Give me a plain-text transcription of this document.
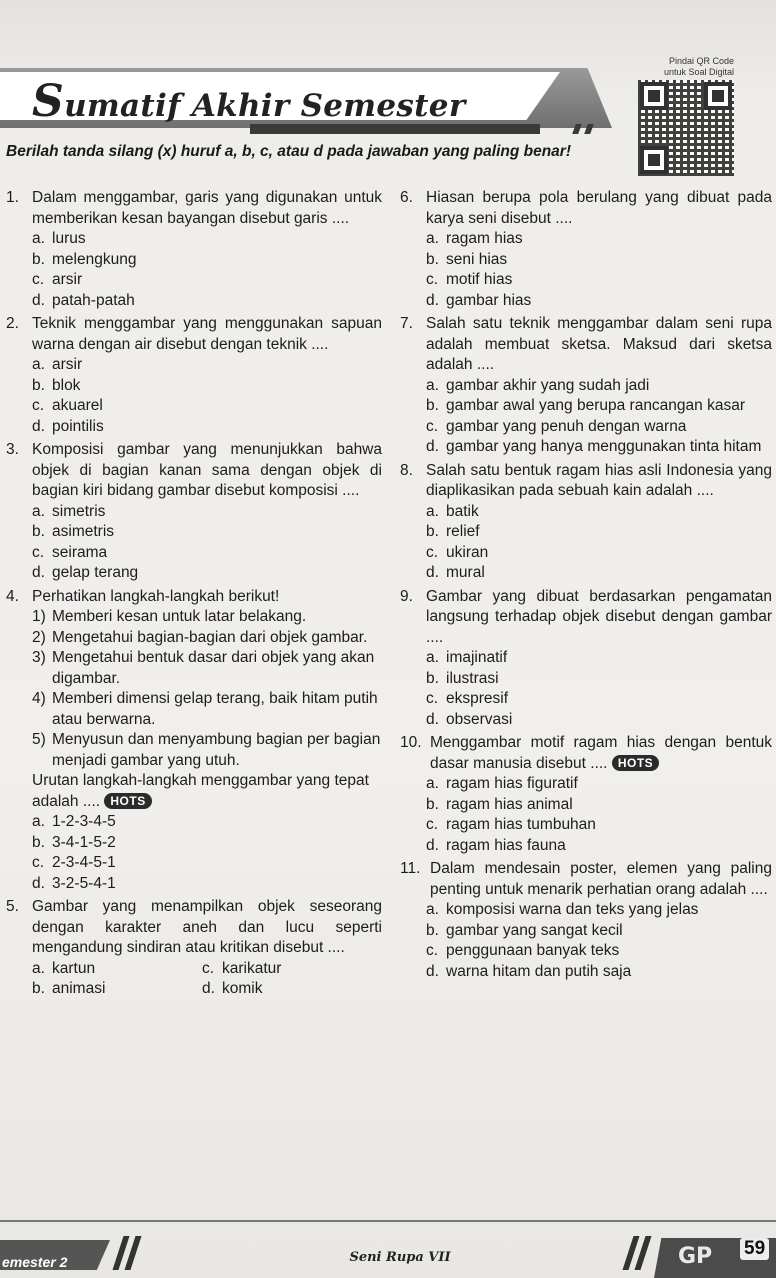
Sumatif Akhir Semester
Pindai QR Code
untuk Soal Digital

Berilah tanda silang (x) huruf a, b, c, atau d pada jawaban yang paling benar!

1. Dalam menggambar, garis yang digunakan untuk memberikan kesan bayangan disebut garis ....
a. lurus
b. melengkung
c. arsir
d. patah-patah
2. Teknik menggambar yang menggunakan sapuan warna dengan air disebut dengan teknik ....
a. arsir
b. blok
c. akuarel
d. pointilis
3. Komposisi gambar yang menunjukkan bahwa objek di bagian kanan sama dengan objek di bagian kiri bidang gambar disebut komposisi ....
a. simetris
b. asimetris
c. seirama
d. gelap terang
4. Perhatikan langkah-langkah berikut!
1) Memberi kesan untuk latar belakang.
2) Mengetahui bagian-bagian dari objek gambar.
3) Mengetahui bentuk dasar dari objek yang akan digambar.
4) Memberi dimensi gelap terang, baik hitam putih atau berwarna.
5) Menyusun dan menyambung bagian per bagian menjadi gambar yang utuh.
Urutan langkah-langkah menggambar yang tepat adalah .... HOTS
a. 1-2-3-4-5
b. 3-4-1-5-2
c. 2-3-4-5-1
d. 3-2-5-4-1
5. Gambar yang menampilkan objek seseorang dengan karakter aneh dan lucu seperti mengandung sindiran atau kritikan disebut ....
a. kartun	c. karikatur
b. animasi	d. komik
6. Hiasan berupa pola berulang yang dibuat pada karya seni disebut ....
a. ragam hias
b. seni hias
c. motif hias
d. gambar hias
7. Salah satu teknik menggambar dalam seni rupa adalah membuat sketsa. Maksud dari sketsa adalah ....
a. gambar akhir yang sudah jadi
b. gambar awal yang berupa rancangan kasar
c. gambar yang penuh dengan warna
d. gambar yang hanya menggunakan tinta hitam
8. Salah satu bentuk ragam hias asli Indonesia yang diaplikasikan pada sebuah kain adalah ....
a. batik
b. relief
c. ukiran
d. mural
9. Gambar yang dibuat berdasarkan pengamatan langsung terhadap objek disebut dengan gambar ....
a. imajinatif
b. ilustrasi
c. ekspresif
d. observasi
10. Menggambar motif ragam hias dengan bentuk dasar manusia disebut .... HOTS
a. ragam hias figuratif
b. ragam hias animal
c. ragam hias tumbuhan
d. ragam hias fauna
11. Dalam mendesain poster, elemen yang paling penting untuk menarik perhatian orang adalah ....
a. komposisi warna dan teks yang jelas
b. gambar yang sangat kecil
c. penggunaan banyak teks
d. warna hitam dan putih saja
emester 2	Seni Rupa VII	GP 59
